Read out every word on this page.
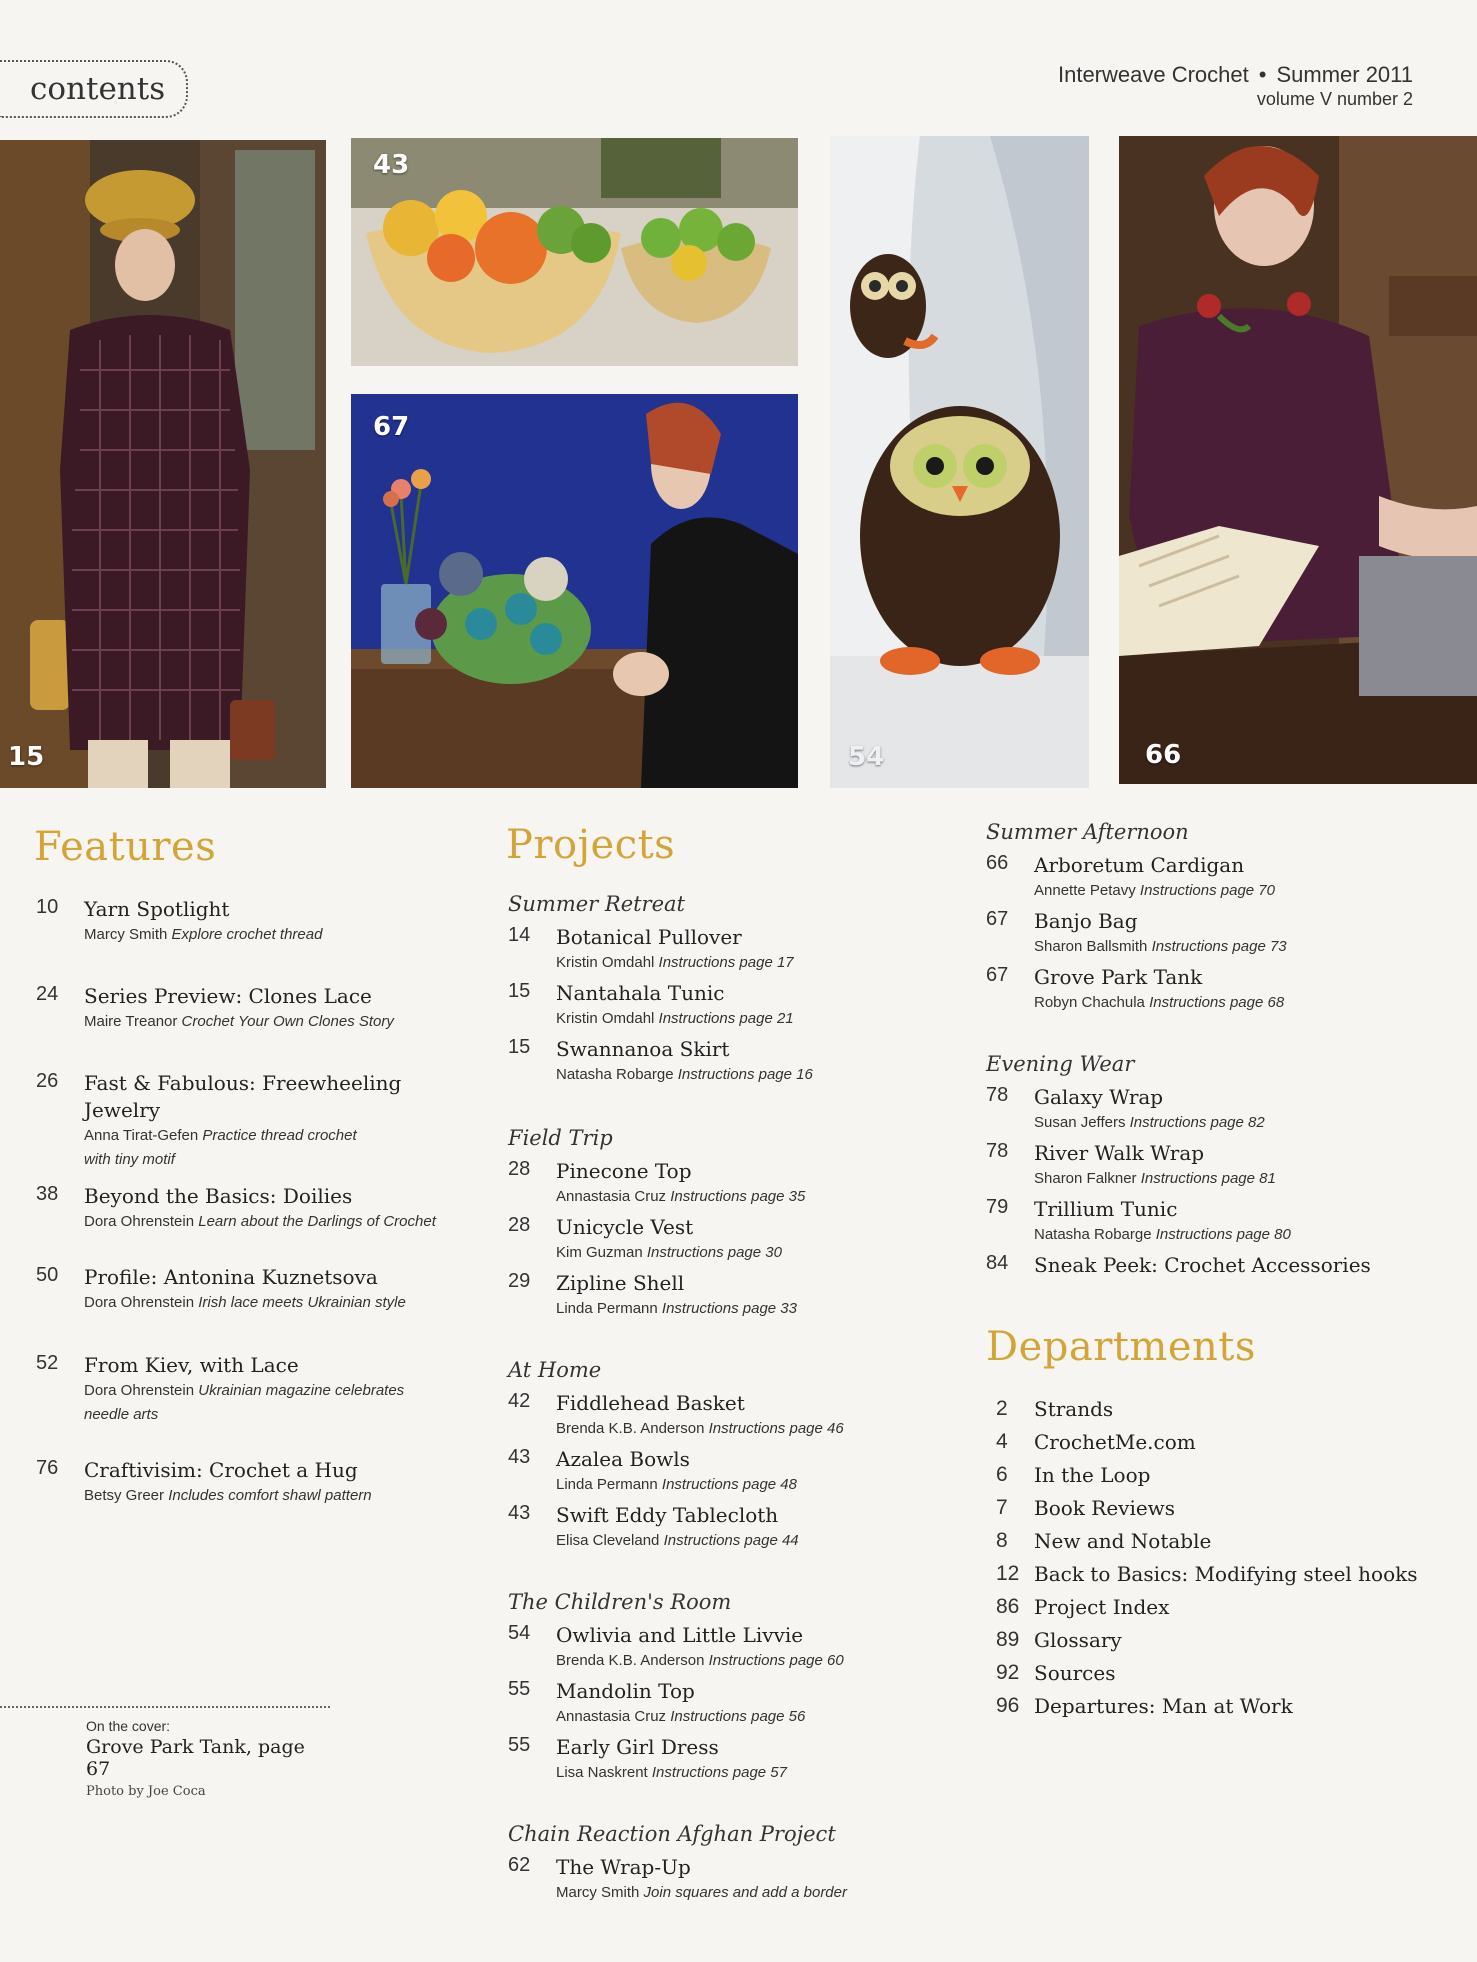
contents	Interweave Crochet • Summer 2011
volume V number 2
15
43
67
54	66
Features
10	Yarn Spotlight
Marcy Smith Explore crochet thread
24	Series Preview: Clones Lace
Maire Treanor Crochet Your Own Clones Story
26	Fast & Fabulous: Freewheeling Jewelry
Anna Tirat-Gefen Practice thread crochet
with tiny motif
38	Beyond the Basics: Doilies
Dora Ohrenstein Learn about the Darlings of Crochet
50	Profile: Antonina Kuznetsova
Dora Ohrenstein Irish lace meets Ukrainian style
52	From Kiev, with Lace
Dora Ohrenstein Ukrainian magazine celebrates
needle arts
76	Craftivisim: Crochet a Hug
Betsy Greer Includes comfort shawl pattern
On the cover:
Grove Park Tank, page 67
Photo by Joe Coca
Projects
Summer Retreat
14	Botanical Pullover
Kristin Omdahl Instructions page 17
15	Nantahala Tunic
Kristin Omdahl Instructions page 21
15	Swannanoa Skirt
Natasha Robarge Instructions page 16
Field Trip
28	Pinecone Top
Annastasia Cruz Instructions page 35
28	Unicycle Vest
Kim Guzman Instructions page 30
29	Zipline Shell
Linda Permann Instructions page 33
At Home
42	Fiddlehead Basket
Brenda K.B. Anderson Instructions page 46
43	Azalea Bowls
Linda Permann Instructions page 48
43	Swift Eddy Tablecloth
Elisa Cleveland Instructions page 44
The Children's Room
54	Owlivia and Little Livvie
Brenda K.B. Anderson Instructions page 60
55	Mandolin Top
Annastasia Cruz Instructions page 56
55	Early Girl Dress
Lisa Naskrent Instructions page 57
Chain Reaction Afghan Project
62	The Wrap-Up
Marcy Smith Join squares and add a border
Summer Afternoon
66	Arboretum Cardigan
Annette Petavy Instructions page 70
67	Banjo Bag
Sharon Ballsmith Instructions page 73
67	Grove Park Tank
Robyn Chachula Instructions page 68
Evening Wear
78	Galaxy Wrap
Susan Jeffers Instructions page 82
78	River Walk Wrap
Sharon Falkner Instructions page 81
79	Trillium Tunic
Natasha Robarge Instructions page 80
84	Sneak Peek: Crochet Accessories
Departments
2	Strands
4	CrochetMe.com
6	In the Loop
7	Book Reviews
8	New and Notable
12 Back to Basics: Modifying steel hooks
86 Project Index
89 Glossary
92 Sources
96 Departures: Man at Work
